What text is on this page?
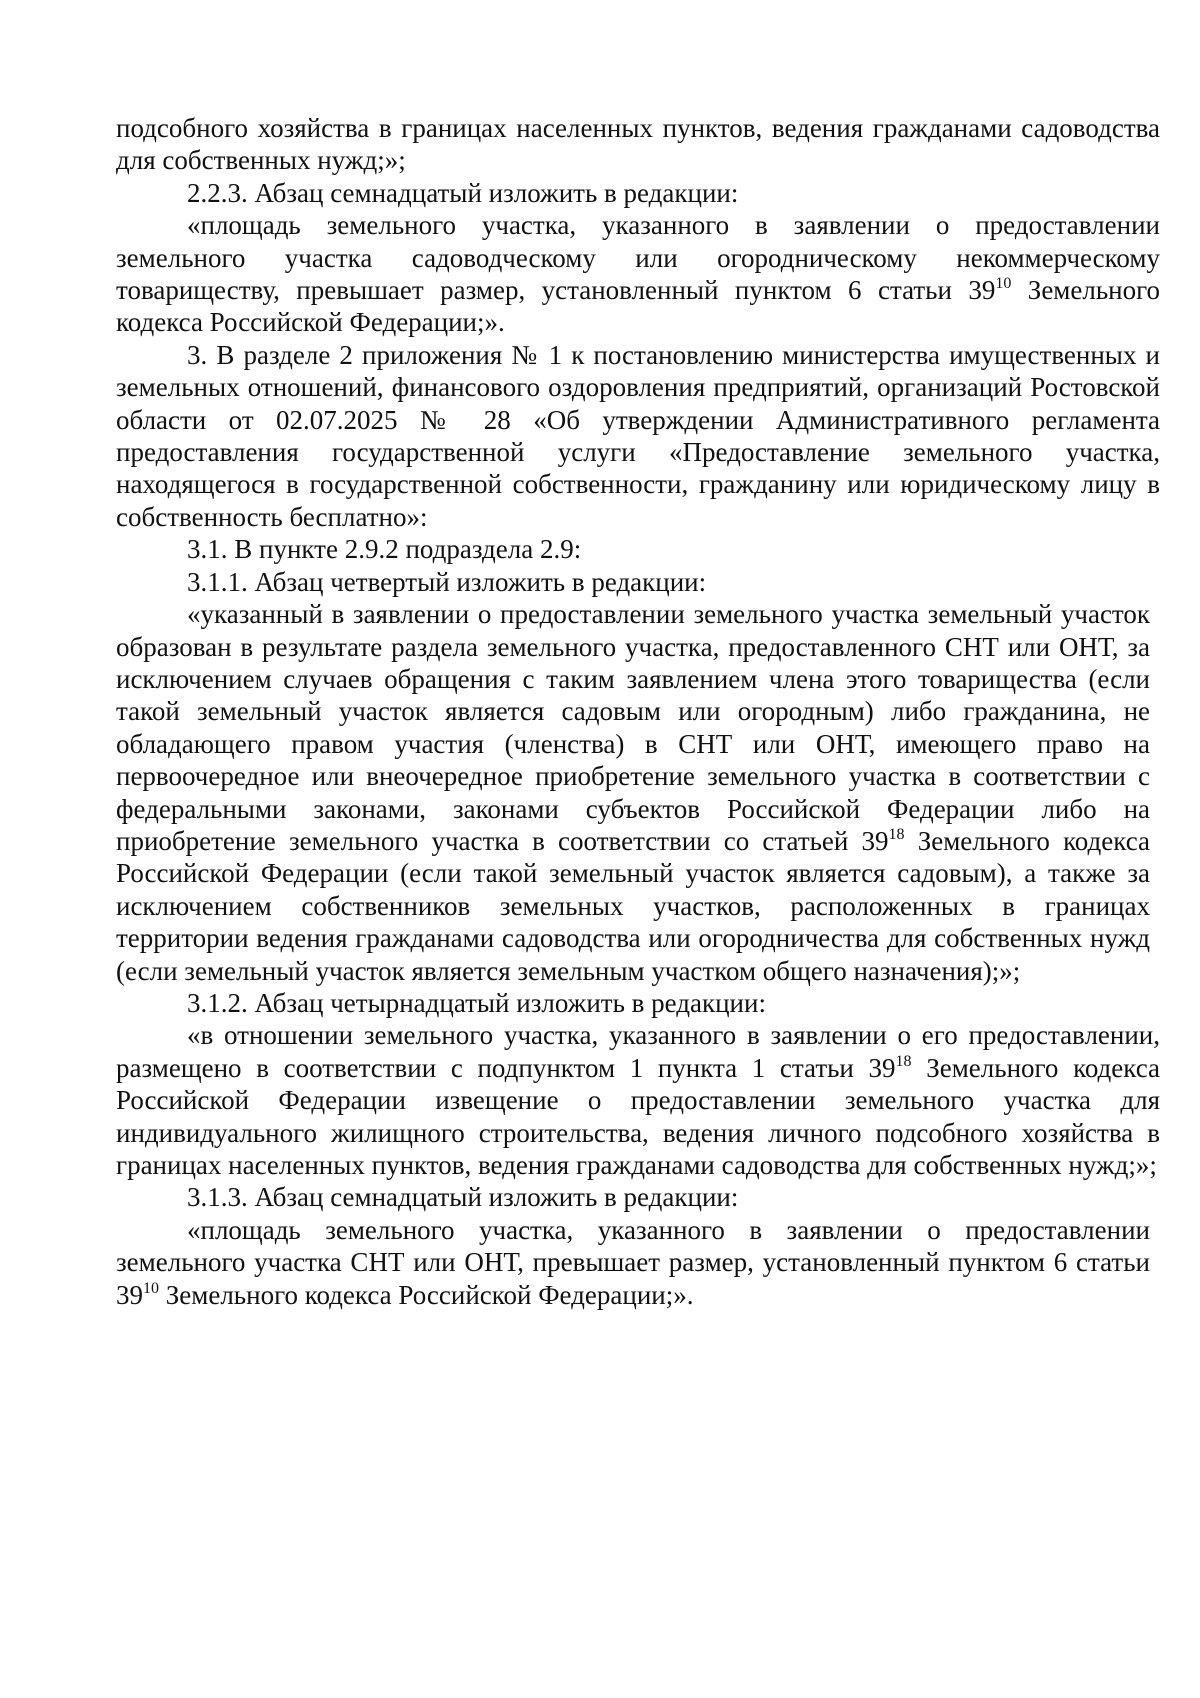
подсобного хозяйства в границах населенных пунктов, ведения гражданами садоводства для собственных нужд;»;

2.2.3. Абзац семнадцатый изложить в редакции:

«площадь земельного участка, указанного в заявлении о предоставлении земельного участка садоводческому или огородническому некоммерческому товариществу, превышает размер, установленный пунктом 6 статьи $39^{10}$ Земельного кодекса Российской Федерации;».

3. В разделе 2 приложения № 1 к постановлению министерства имущественных и земельных отношений, финансового оздоровления предприятий, организаций Ростовской области от 02.07.2025 № 28 «Об утверждении Административного регламента предоставления государственной услуги «Предоставление земельного участка, находящегося в государственной собственности, гражданину или юридическому лицу в собственность бесплатно»:

3.1. В пункте 2.9.2 подраздела 2.9:

3.1.1. Абзац четвертый изложить в редакции:

«указанный в заявлении о предоставлении земельного участка земельный участок образован в результате раздела земельного участка, предоставленного СНТ или ОНТ, за исключением случаев обращения с таким заявлением члена этого товарищества (если такой земельный участок является садовым или огородным) либо гражданина, не обладающего правом участия (членства) в СНТ или ОНТ, имеющего право на первоочередное или внеочередное приобретение земельного участка в соответствии с федеральными законами, законами субъектов Российской Федерации либо на приобретение земельного участка в соответствии со статьей $39^{18}$ Земельного кодекса Российской Федерации (если такой земельный участок является садовым), а также за исключением собственников земельных участков, расположенных в границах территории ведения гражданами садоводства или огородничества для собственных нужд (если земельный участок является земельным участком общего назначения);»;

3.1.2. Абзац четырнадцатый изложить в редакции:

«в отношении земельного участка, указанного в заявлении о его предоставлении, размещено в соответствии с подпунктом 1 пункта 1 статьи $39^{18}$ Земельного кодекса Российской Федерации извещение о предоставлении земельного участка для индивидуального жилищного строительства, ведения личного подсобного хозяйства в границах населенных пунктов, ведения гражданами садоводства для собственных нужд;»;

3.1.3. Абзац семнадцатый изложить в редакции:

«площадь земельного участка, указанного в заявлении о предоставлении земельного участка СНТ или ОНТ, превышает размер, установленный пунктом 6 статьи $39^{10}$ Земельного кодекса Российской Федерации;».
